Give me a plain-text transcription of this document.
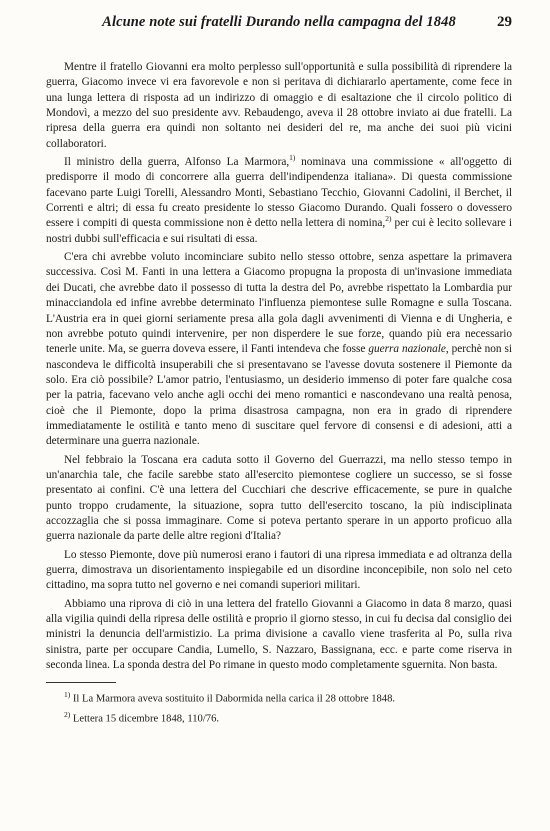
Alcune note sui fratelli Durando nella campagna del 1848	29

Mentre il fratello Giovanni era molto perplesso sull'opportunità e sulla possibilità di riprendere la guerra, Giacomo invece vi era favorevole e non si peritava di dichiararlo apertamente, come fece in una lunga lettera di risposta ad un indirizzo di omaggio e di esaltazione che il circolo politico di Mondovì, a mezzo del suo presidente avv. Rebaudengo, aveva il 28 ottobre inviato ai due fratelli. La ripresa della guerra era quindi non soltanto nei desideri del re, ma anche dei suoi più vicini collaboratori.

Il ministro della guerra, Alfonso La Marmora,$^{1)}$ nominava una commissione « all'oggetto di predisporre il modo di concorrere alla guerra dell'indipendenza italiana». Di questa commissione facevano parte Luigi Torelli, Alessandro Monti, Sebastiano Tecchio, Giovanni Cadolini, il Berchet, il Correnti e altri; di essa fu creato presidente lo stesso Giacomo Durando. Quali fossero o dovessero essere i compiti di questa commissione non è detto nella lettera di nomina,$^{2)}$ per cui è lecito sollevare i nostri dubbi sull'efficacia e sui risultati di essa.

C'era chi avrebbe voluto incominciare subito nello stesso ottobre, senza aspettare la primavera successiva. Così M. Fanti in una lettera a Giacomo propugna la proposta di un'invasione immediata dei Ducati, che avrebbe dato il possesso di tutta la destra del Po, avrebbe rispettato la Lombardia pur minacciandola ed infine avrebbe determinato l'influenza piemontese sulle Romagne e sulla Toscana. L'Austria era in quei giorni seriamente presa alla gola dagli avvenimenti di Vienna e di Ungheria, e non avrebbe potuto quindi intervenire, per non disperdere le sue forze, quando più era necessario tenerle unite. Ma, se guerra doveva essere, il Fanti intendeva che fosse guerra nazionale, perchè non si nascondeva le difficoltà insuperabili che si presentavano se l'avesse dovuta sostenere il Piemonte da solo. Era ciò possibile? L'amor patrio, l'entusiasmo, un desiderio immenso di poter fare qualche cosa per la patria, facevano velo anche agli occhi dei meno romantici e nascondevano una realtà penosa, cioè che il Piemonte, dopo la prima disastrosa campagna, non era in grado di riprendere immediatamente le ostilità e tanto meno di suscitare quel fervore di consensi e di adesioni, atti a determinare una guerra nazionale.

Nel febbraio la Toscana era caduta sotto il Governo del Guerrazzi, ma nello stesso tempo in un'anarchia tale, che facile sarebbe stato all'esercito piemontese cogliere un successo, se si fosse presentato ai confini. C'è una lettera del Cucchiari che descrive efficacemente, se pure in qualche punto troppo crudamente, la situazione, sopra tutto dell'esercito toscano, la più indisciplinata accozzaglia che si possa immaginare. Come si poteva pertanto sperare in un apporto proficuo alla guerra nazionale da parte delle altre regioni d'Italia?

Lo stesso Piemonte, dove più numerosi erano i fautori di una ripresa immediata e ad oltranza della guerra, dimostrava un disorientamento inspiegabile ed un disordine inconcepibile, non solo nel ceto cittadino, ma sopra tutto nel governo e nei comandi superiori militari.

Abbiamo una riprova di ciò in una lettera del fratello Giovanni a Giacomo in data 8 marzo, quasi alla vigilia quindi della ripresa delle ostilità e proprio il giorno stesso, in cui fu decisa dal consiglio dei ministri la denuncia dell'armistizio. La prima divisione a cavallo viene trasferita al Po, sulla riva sinistra, parte per occupare Candia, Lumello, S. Nazzaro, Bassignana, ecc. e parte come riserva in seconda linea. La sponda destra del Po rimane in questo modo completamente sguernita. Non basta.

$^{1)}$ Il La Marmora aveva sostituito il Dabormida nella carica il 28 ottobre 1848.
$^{2)}$ Lettera 15 dicembre 1848, 110/76.
